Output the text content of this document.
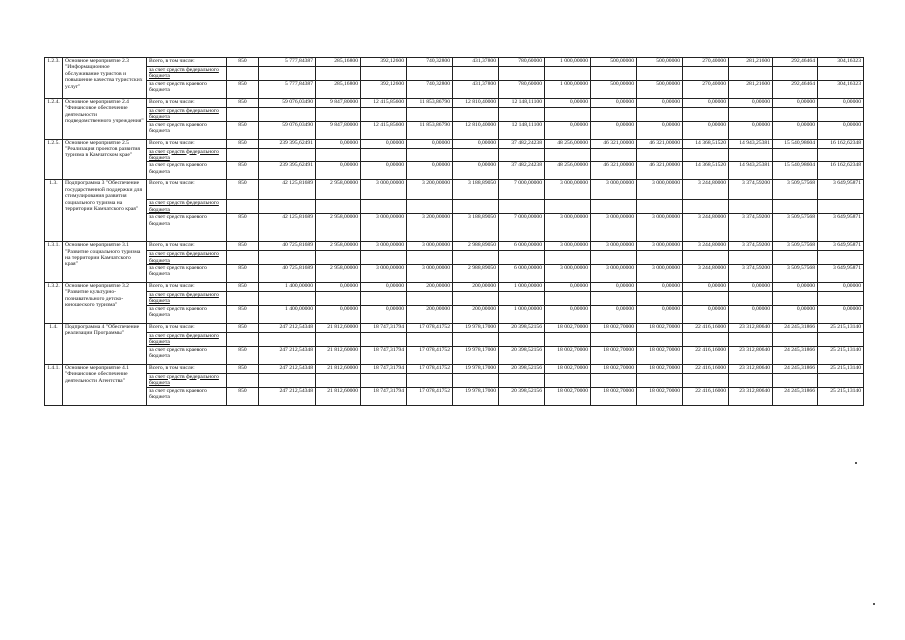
1.2.3.	Основное мероприятие 2.3 "Информационное обслуживание туристов и повышение качества туристских услуг"	Всего, в том числе:	850	5 777,84387	285,16800	392,12600	740,32800	431,37800	780,60000	1 000,00000	500,00000	500,00000	270,40000	281,21600	292,46464	304,16323
		за счет средств федерального бюджета														
		за счет средств краевого бюджета	850	5 777,84387	285,16800	392,12600	740,32800	431,37800	780,60000	1 000,00000	500,00000	500,00000	270,40000	281,21600	292,46464	304,16323
1.2.4.	Основное мероприятие 2.4 "Финансовое обеспечение деятельности подведомственного учреждения"	Всего, в том числе:	850	59 076,03490	9 847,80000	12 415,85600	11 853,86790	12 810,40000	12 148,11100	0,00000	0,00000	0,00000	0,00000	0,00000	0,00000	0,00000
		за счет средств федерального бюджета														
		за счет средств краевого бюджета	850	59 076,03490	9 847,80000	12 415,85600	11 853,86790	12 810,40000	12 148,11100	0,00000	0,00000	0,00000	0,00000	0,00000	0,00000	0,00000
1.2.5.	Основное мероприятие 2.5 "Реализация проектов развития туризма в Камчатском крае"	Всего, в том числе:	850	239 395,62491	0,00000	0,00000	0,00000	0,00000	37 482,24238	48 256,00000	46 321,00000	46 321,00000	14 368,51520	14 943,25381	15 540,98604	16 162,62348
		за счет средств федерального бюджета														
		за счет средств краевого бюджета	850	239 395,62491	0,00000	0,00000	0,00000	0,00000	37 482,24238	48 256,00000	46 321,00000	46 321,00000	14 368,51520	14 943,25381	15 540,98604	16 162,62348
1.3.	Подпрограмма 3 "Обеспечение государственной поддержки для стимулирования развития социального туризма на территории Камчатского края"	Всего, в том числе:	850	42 125,81689	2 958,00000	3 000,00000	3 200,00000	3 188,89050	7 000,00000	3 000,00000	3 000,00000	3 000,00000	3 244,80000	3 374,59200	3 509,57568	3 649,95871
		за счет средств федерального бюджета														
		за счет средств краевого бюджета	850	42 125,81689	2 958,00000	3 000,00000	3 200,00000	3 188,89050	7 000,00000	3 000,00000	3 000,00000	3 000,00000	3 244,80000	3 374,59200	3 509,57568	3 649,95871
1.3.1.	Основное мероприятие 3.1 "Развитие социального туризма на территории Камчатского края"	Всего, в том числе:	850	40 725,81689	2 958,00000	3 000,00000	3 000,00000	2 988,89050	6 000,00000	3 000,00000	3 000,00000	3 000,00000	3 244,80000	3 374,59200	3 509,57568	3 649,95871
		за счет средств федерального бюджета														
		за счет средств краевого бюджета	850	40 725,81689	2 958,00000	3 000,00000	3 000,00000	2 988,89050	6 000,00000	3 000,00000	3 000,00000	3 000,00000	3 244,80000	3 374,59200	3 509,57568	3 649,95871
1.3.2.	Основное мероприятие 3.2 "Развитие культурно-познавательного детско-юношеского туризма"	Всего, в том числе:	850	1 400,00000	0,00000	0,00000	200,00000	200,00000	1 000,00000	0,00000	0,00000	0,00000	0,00000	0,00000	0,00000	0,00000
		за счет средств федерального бюджета														
		за счет средств краевого бюджета	850	1 400,00000	0,00000	0,00000	200,00000	200,00000	1 000,00000	0,00000	0,00000	0,00000	0,00000	0,00000	0,00000	0,00000
1.4.	Подпрограмма 4 "Обеспечение реализации Программы"	Всего, в том числе:	850	247 212,54348	21 812,60000	18 747,31794	17 078,41752	19 978,17000	20 398,52156	18 002,70000	18 002,70000	18 002,70000	22 416,16000	23 312,80640	24 245,31866	25 215,13140
		за счет средств федерального бюджета														
		за счет средств краевого бюджета	850	247 212,54348	21 812,60000	18 747,31794	17 078,41752	19 978,17000	20 398,52156	18 002,70000	18 002,70000	18 002,70000	22 416,16000	23 312,80640	24 245,31866	25 215,13140
1.4.1.	Основное мероприятие 4.1 "Финансовое обеспечение деятельности Агентства"	Всего, в том числе:	850	247 212,54348	21 812,60000	18 747,31794	17 078,41752	19 978,17000	20 398,52156	18 002,70000	18 002,70000	18 002,70000	22 416,16000	23 312,80640	24 245,31866	25 215,13140
		за счет средств федерального бюджета														
		за счет средств краевого бюджета	850	247 212,54348	21 812,60000	18 747,31794	17 078,41752	19 978,17000	20 398,52156	18 002,70000	18 002,70000	18 002,70000	22 416,16000	23 312,80640	24 245,31866	25 215,13140
